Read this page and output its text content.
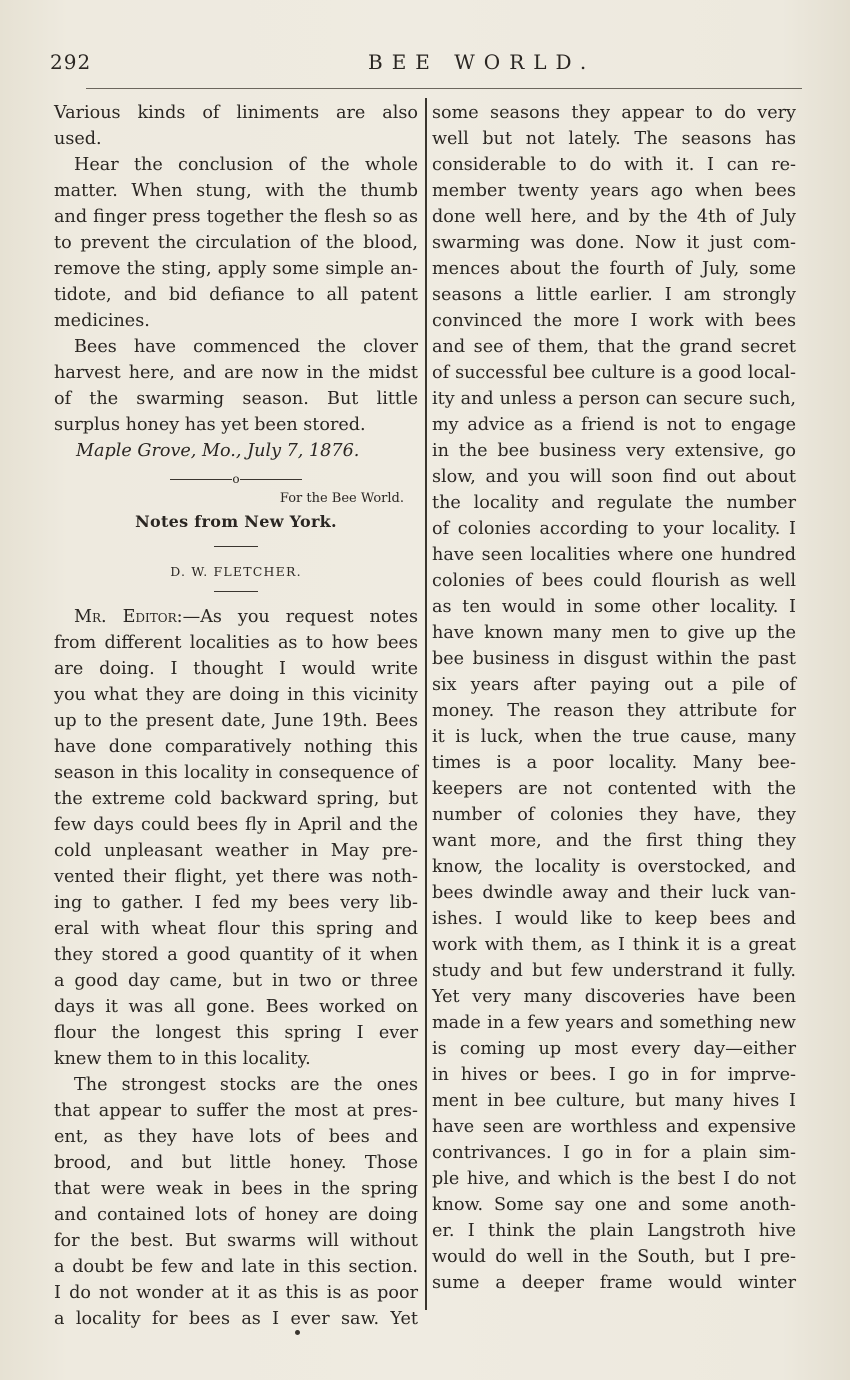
292	BEE WORLD.
Various kinds of liniments are also
used.
Hear the conclusion of the whole
matter. When stung, with the thumb
and finger press together the flesh so as
to prevent the circulation of the blood,
remove the sting, apply some simple an-
tidote, and bid defiance to all patent
medicines.
Bees have commenced the clover
harvest here, and are now in the midst
of the swarming season. But little
surplus honey has yet been stored.
Maple Grove, Mo., July 7, 1876.
o
For the Bee World.
Notes from New York.
D. W. FLETCHER.
Mr. Editor:—As you request notes
from different localities as to how bees
are doing. I thought I would write
you what they are doing in this vicinity
up to the present date, June 19th. Bees
have done comparatively nothing this
season in this locality in consequence of
the extreme cold backward spring, but
few days could bees fly in April and the
cold unpleasant weather in May pre-
vented their flight, yet there was noth-
ing to gather. I fed my bees very lib-
eral with wheat flour this spring and
they stored a good quantity of it when
a good day came, but in two or three
days it was all gone. Bees worked on
flour the longest this spring I ever
knew them to in this locality.
The strongest stocks are the ones
that appear to suffer the most at pres-
ent, as they have lots of bees and
brood, and but little honey. Those
that were weak in bees in the spring
and contained lots of honey are doing
for the best. But swarms will without
a doubt be few and late in this section.
I do not wonder at it as this is as poor
a locality for bees as I ever saw. Yet
some seasons they appear to do very
well but not lately. The seasons has
considerable to do with it. I can re-
member twenty years ago when bees
done well here, and by the 4th of July
swarming was done. Now it just com-
mences about the fourth of July, some
seasons a little earlier. I am strongly
convinced the more I work with bees
and see of them, that the grand secret
of successful bee culture is a good local-
ity and unless a person can secure such,
my advice as a friend is not to engage
in the bee business very extensive, go
slow, and you will soon find out about
the locality and regulate the number
of colonies according to your locality. I
have seen localities where one hundred
colonies of bees could flourish as well
as ten would in some other locality. I
have known many men to give up the
bee business in disgust within the past
six years after paying out a pile of
money. The reason they attribute for
it is luck, when the true cause, many
times is a poor locality. Many bee-
keepers are not contented with the
number of colonies they have, they
want more, and the first thing they
know, the locality is overstocked, and
bees dwindle away and their luck van-
ishes. I would like to keep bees and
work with them, as I think it is a great
study and but few understrand it fully.
Yet very many discoveries have been
made in a few years and something new
is coming up most every day—either
in hives or bees. I go in for imprve-
ment in bee culture, but many hives I
have seen are worthless and expensive
contrivances. I go in for a plain sim-
ple hive, and which is the best I do not
know. Some say one and some anoth-
er. I think the plain Langstroth hive
would do well in the South, but I pre-
sume a deeper frame would winter
